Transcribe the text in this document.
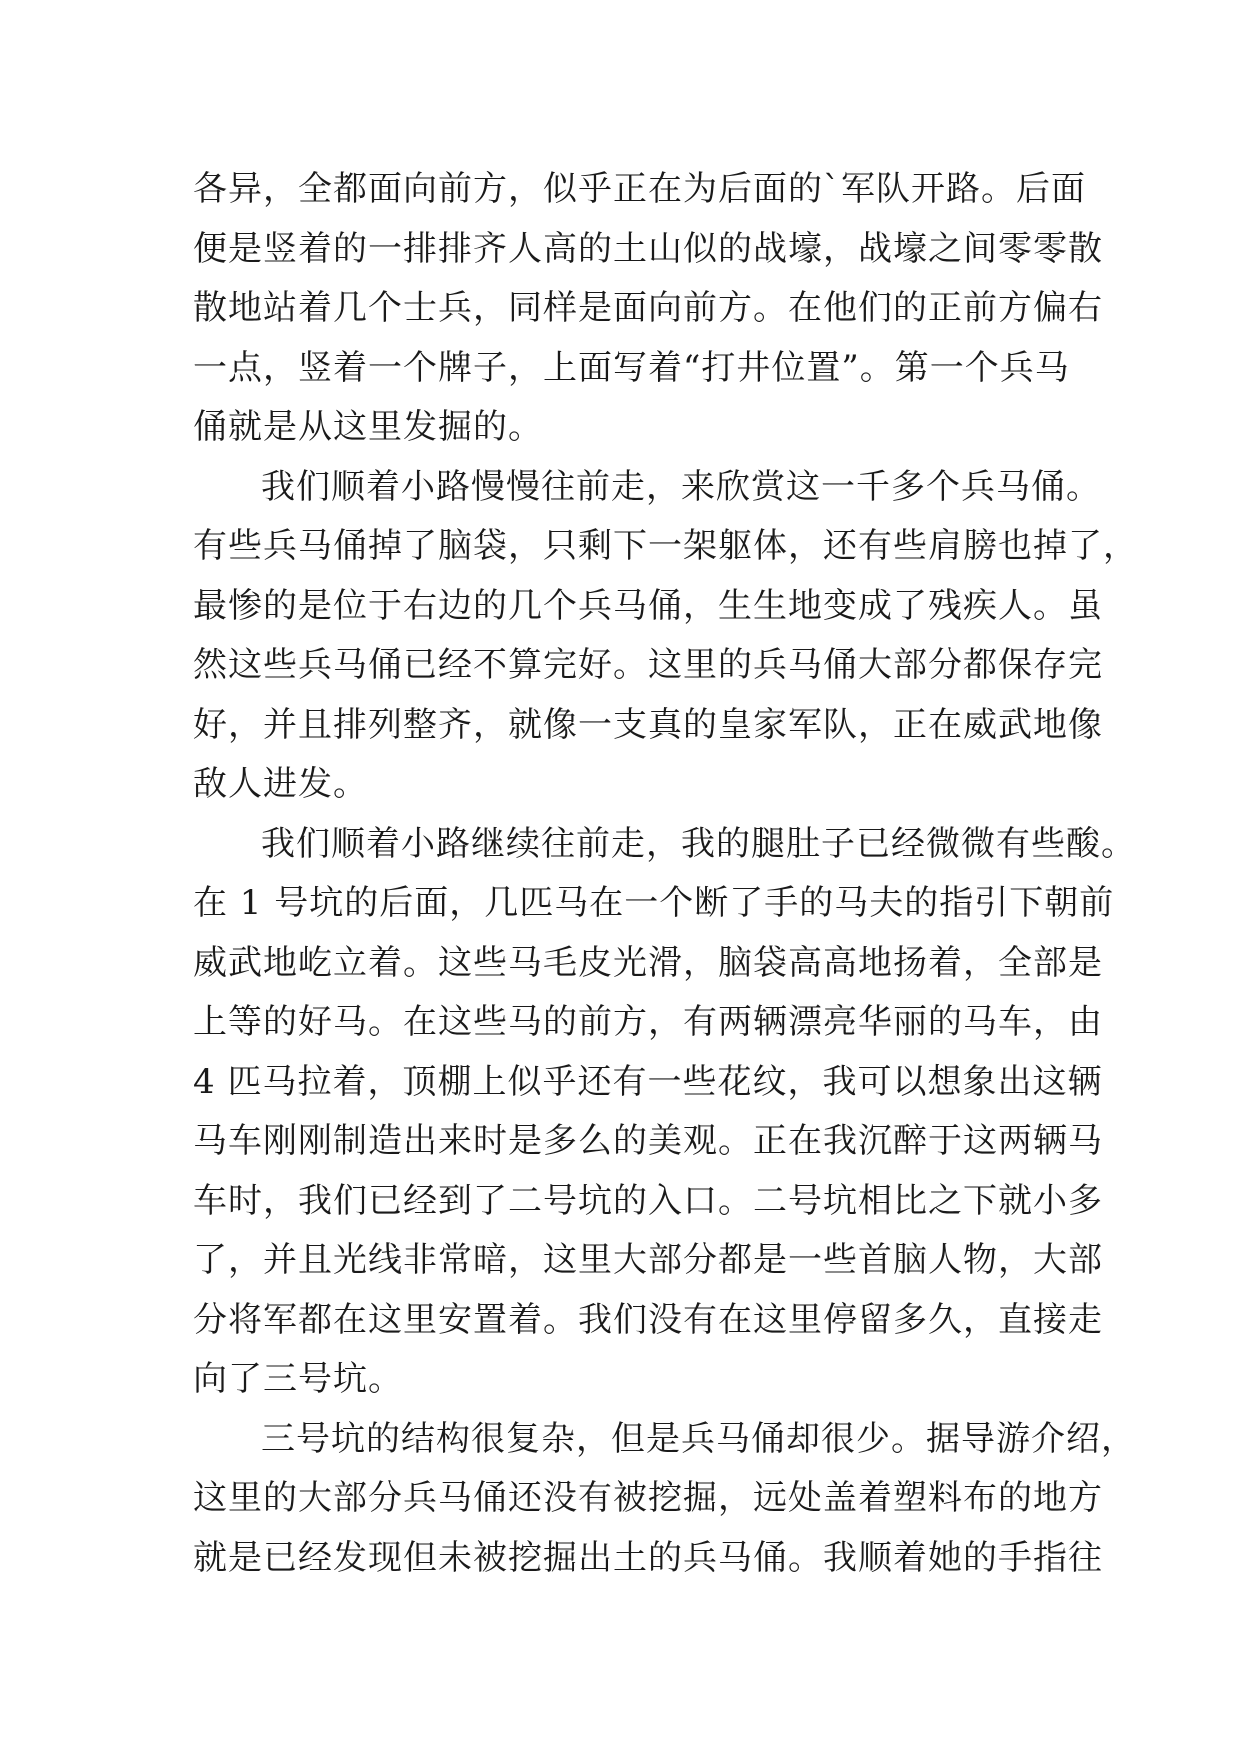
各异，全都面向前方，似乎正在为后面的`军队开路。后面
便是竖着的一排排齐人高的土山似的战壕，战壕之间零零散
散地站着几个士兵，同样是面向前方。在他们的正前方偏右
一点，竖着一个牌子，上面写着“打井位置”。第一个兵马
俑就是从这里发掘的。
我们顺着小路慢慢往前走，来欣赏这一千多个兵马俑。
有些兵马俑掉了脑袋，只剩下一架躯体，还有些肩膀也掉了，
最惨的是位于右边的几个兵马俑，生生地变成了残疾人。虽
然这些兵马俑已经不算完好。这里的兵马俑大部分都保存完
好，并且排列整齐，就像一支真的皇家军队，正在威武地像
敌人进发。
我们顺着小路继续往前走，我的腿肚子已经微微有些酸。
在 1 号坑的后面，几匹马在一个断了手的马夫的指引下朝前
威武地屹立着。这些马毛皮光滑，脑袋高高地扬着，全部是
上等的好马。在这些马的前方，有两辆漂亮华丽的马车，由
4 匹马拉着，顶棚上似乎还有一些花纹，我可以想象出这辆
马车刚刚制造出来时是多么的美观。正在我沉醉于这两辆马
车时，我们已经到了二号坑的入口。二号坑相比之下就小多
了，并且光线非常暗，这里大部分都是一些首脑人物，大部
分将军都在这里安置着。我们没有在这里停留多久，直接走
向了三号坑。
三号坑的结构很复杂，但是兵马俑却很少。据导游介绍，
这里的大部分兵马俑还没有被挖掘，远处盖着塑料布的地方
就是已经发现但未被挖掘出土的兵马俑。我顺着她的手指往
